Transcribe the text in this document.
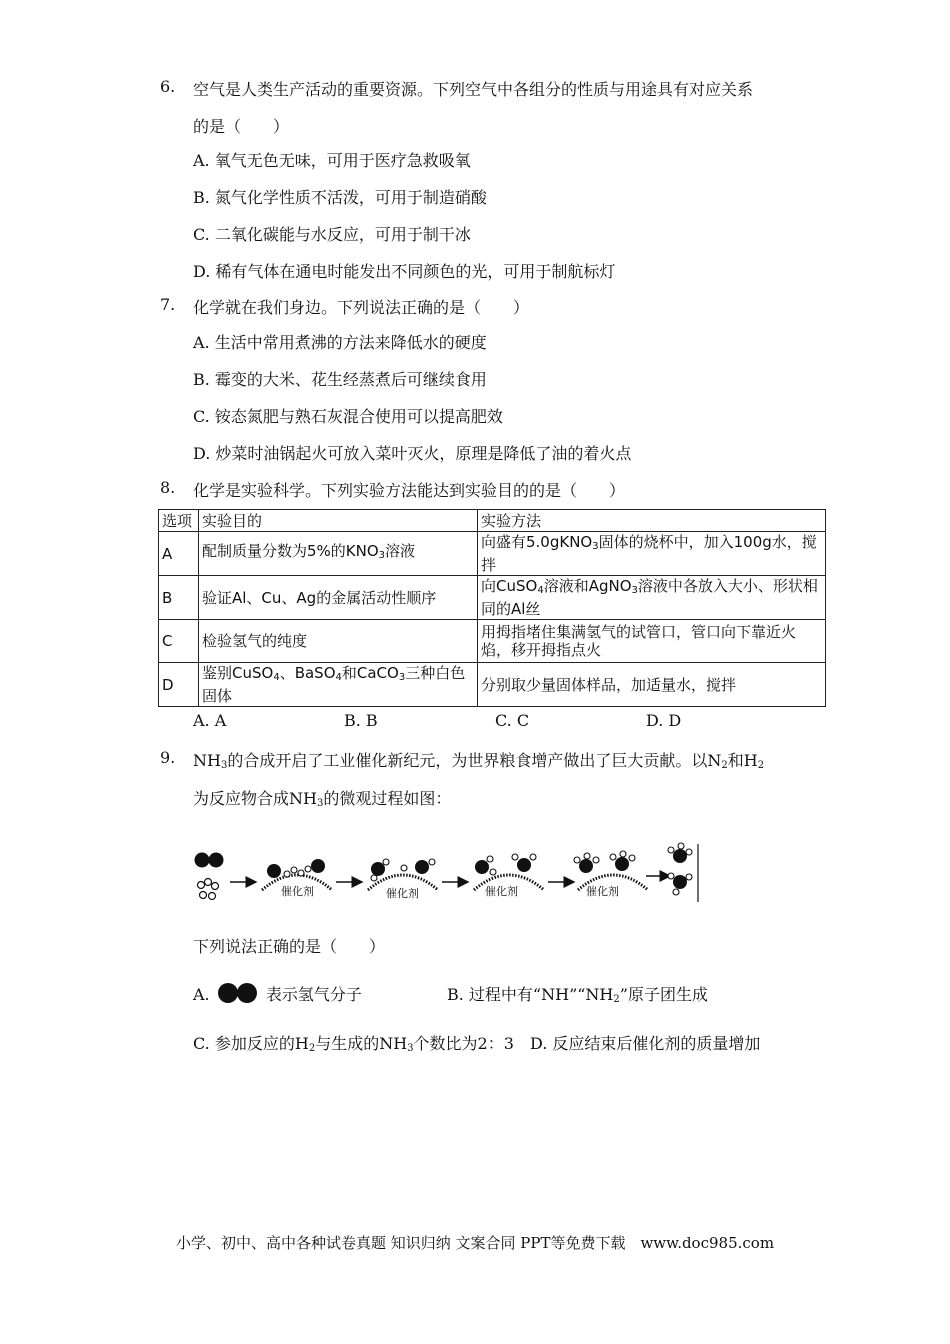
6. 空气是人类生产活动的重要资源。下列空气中各组分的性质与用途具有对应关系
的是（　　）
A. 氧气无色无味，可用于医疗急救吸氧
B. 氮气化学性质不活泼，可用于制造硝酸
C. 二氧化碳能与水反应，可用于制干冰
D. 稀有气体在通电时能发出不同颜色的光，可用于制航标灯
7. 化学就在我们身边。下列说法正确的是（　　）
A. 生活中常用煮沸的方法来降低水的硬度
B. 霉变的大米、花生经蒸煮后可继续食用
C. 铵态氮肥与熟石灰混合使用可以提高肥效
D. 炒菜时油锅起火可放入菜叶灭火，原理是降低了油的着火点
8. 化学是实验科学。下列实验方法能达到实验目的的是（　　）
选项	实验目的	实验方法
A	配制质量分数为5%的$KNO_3$溶液	向盛有5.0gKNO$_3$固体的烧杯中，加入100g水，搅拌
B	验证Al、Cu、Ag的金属活动性顺序	向CuSO$_4$溶液和AgNO$_3$溶液中各放入大小、形状相同的Al丝
C	检验氢气的纯度	用拇指堵住集满氢气的试管口，管口向下靠近火焰，移开拇指点火
D	鉴别CuSO$_4$、BaSO$_4$和CaCO$_3$三种白色固体	分别取少量固体样品，加适量水，搅拌
A. A	B. B	C. C	D. D
9. $NH_3$的合成开启了工业催化新纪元，为世界粮食增产做出了巨大贡献。以$N_2$和$H_2$
为反应物合成$NH_3$的微观过程如图：
催化剂	催化剂	催化剂	催化剂
下列说法正确的是（　　）
A.	表示氢气分子	B. 过程中有“$NH”“NH_2$”原子团生成
C. 参加反应的$H_2$与生成的$NH_3$个数比为2：3 D. 反应结束后催化剂的质量增加
小学、初中、高中各种试卷真题 知识归纳 文案合同 PPT等免费下载　www.doc985.com
